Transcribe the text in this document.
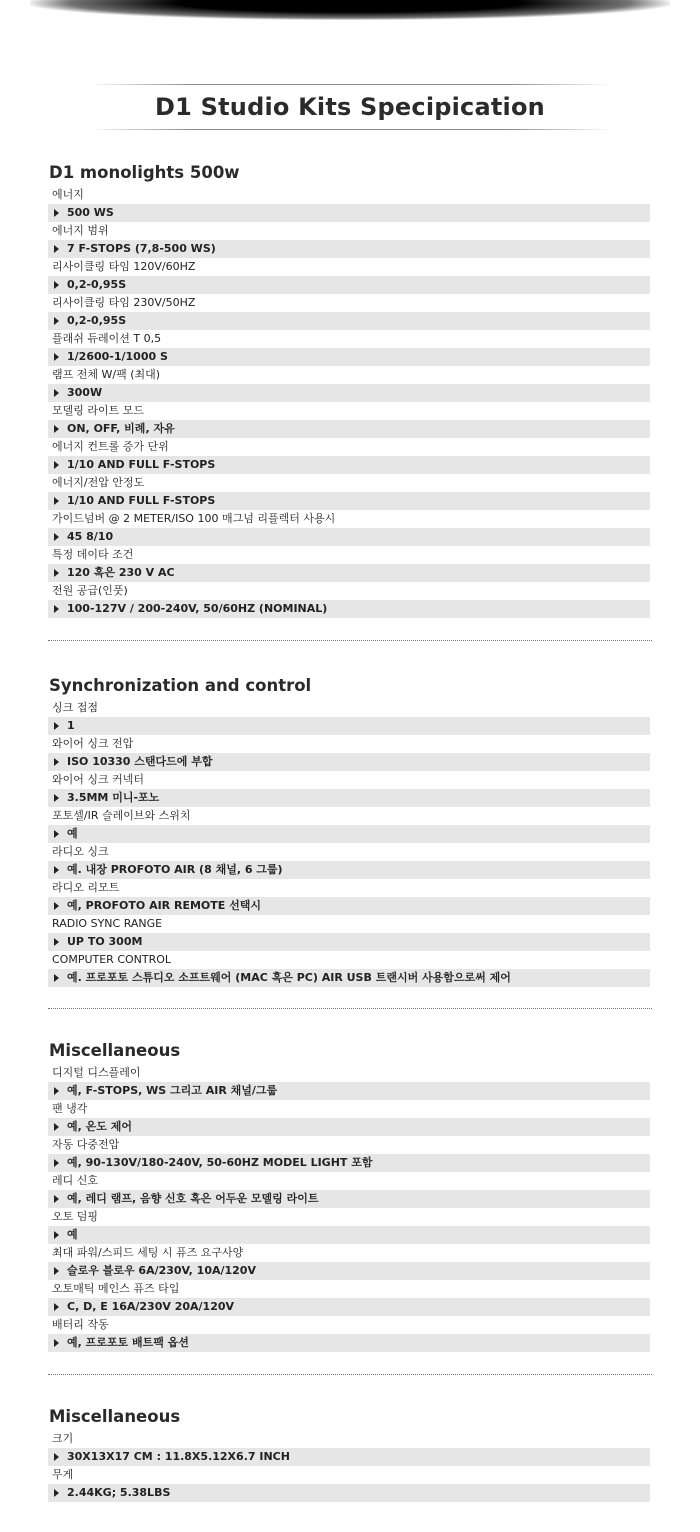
D1 Studio Kits Specipication
D1 monolights 500w
에너지
500 WS
에너지 범위
7 F-STOPS (7,8-500 WS)
리사이클링 타임 120V/60HZ
0,2-0,95S
리사이클링 타임 230V/50HZ
0,2-0,95S
플래쉬 듀레이션 T 0,5
1/2600-1/1000 S
램프 전체 W/팩 (최대)
300W
모델링 라이트 모드
ON, OFF, 비례, 자유
에너지 컨트롤 증가 단위
1/10 AND FULL F-STOPS
에너지/전압 안정도
1/10 AND FULL F-STOPS
가이드넘버 @ 2 METER/ISO 100 매그넘 리플렉터 사용시
45 8/10
특정 데이타 조건
120 혹은 230 V AC
전원 공급(인풋)
100-127V / 200-240V, 50/60HZ (NOMINAL)
Synchronization and control
싱크 접점
1
와이어 싱크 전압
ISO 10330 스탠다드에 부합
와이어 싱크 커넥터
3.5MM 미니-포노
포토셀/IR 슬레이브와 스위치
예
라디오 싱크
예. 내장 PROFOTO AIR (8 채널, 6 그룹)
라디오 리모트
예, PROFOTO AIR REMOTE 선택시
RADIO SYNC RANGE
UP TO 300M
COMPUTER CONTROL
예. 프로포토 스튜디오 소프트웨어 (MAC 혹은 PC) AIR USB 트랜시버 사용함으로써 제어
Miscellaneous
디지털 디스플레이
예, F-STOPS, WS 그리고 AIR 채널/그룹
팬 냉각
예, 온도 제어
자동 다중전압
예, 90-130V/180-240V, 50-60HZ MODEL LIGHT 포함
레디 신호
예, 레디 램프, 음향 신호 혹은 어두운 모델링 라이트
오토 덤핑
예
최대 파워/스피드 세팅 시 퓨즈 요구사양
슬로우 블로우 6A/230V, 10A/120V
오토매틱 메인스 퓨즈 타입
C, D, E 16A/230V 20A/120V
배터리 작동
예, 프로포토 배트팩 옵션
Miscellaneous
크기
30X13X17 CM : 11.8X5.12X6.7 INCH
무게
2.44KG; 5.38LBS
